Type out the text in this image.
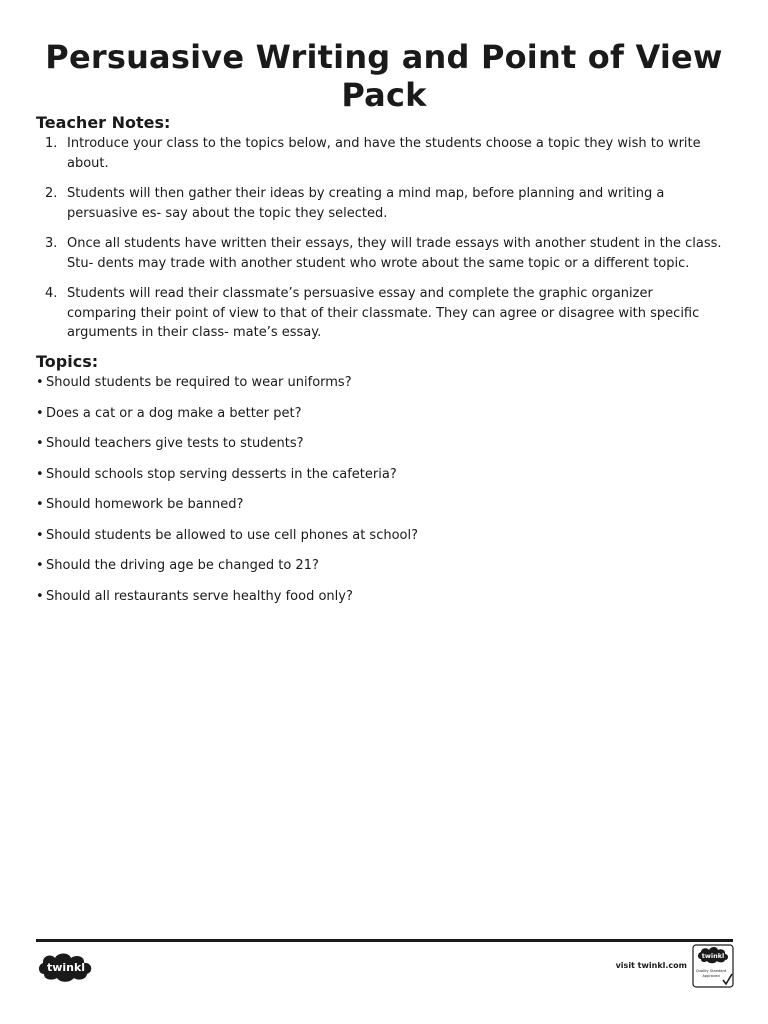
Persuasive Writing and Point of View Pack

Teacher Notes:

1. Introduce your class to the topics below, and have the students choose a topic they wish to write about.
2. Students will then gather their ideas by creating a mind map, before planning and writing a persuasive es- say about the topic they selected.
3. Once all students have written their essays, they will trade essays with another student in the class. Stu- dents may trade with another student who wrote about the same topic or a different topic.
4. Students will read their classmate’s persuasive essay and complete the graphic organizer comparing their point of view to that of their classmate. They can agree or disagree with specific arguments in their class- mate’s essay.

Topics:

• Should students be required to wear uniforms?
• Does a cat or a dog make a better pet?
• Should teachers give tests to students?
• Should schools stop serving desserts in the cafeteria?
• Should homework be banned?
• Should students be allowed to use cell phones at school?
• Should the driving age be changed to 21?
• Should all restaurants serve healthy food only?
twinkl	visit twinkl.com
twinkl
Quality Standard
Approved
